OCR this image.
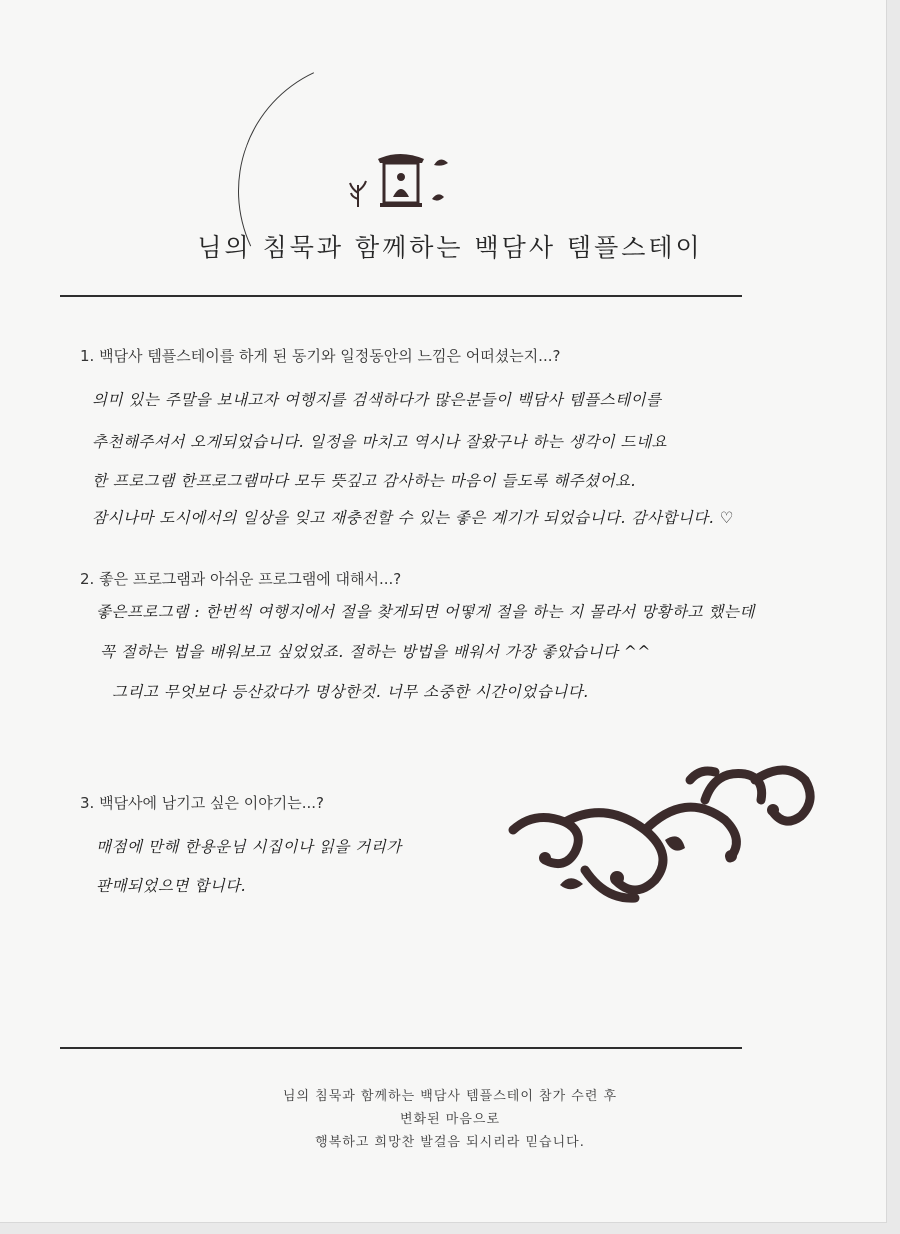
님의 침묵과 함께하는 백담사 템플스테이
1. 백담사 템플스테이를 하게 된 동기와 일정동안의 느낌은 어떠셨는지...?
의미 있는 주말을 보내고자 여행지를 검색하다가 많은분들이 백담사 템플스테이를
추천해주셔서 오게되었습니다. 일정을 마치고 역시나 잘왔구나 하는 생각이 드네요
한 프로그램 한프로그램마다 모두 뜻깊고 감사하는 마음이 들도록 해주셨어요.
잠시나마 도시에서의 일상을 잊고 재충전할 수 있는 좋은 계기가 되었습니다. 감사합니다. ♡
2. 좋은 프로그램과 아쉬운 프로그램에 대해서...?
좋은프로그램 : 한번씩 여행지에서 절을 찾게되면 어떻게 절을 하는 지 몰라서 망황하고 했는데
꼭 절하는 법을 배워보고 싶었었죠. 절하는 방법을 배워서 가장 좋았습니다 ^^
그리고 무엇보다 등산갔다가 명상한것. 너무 소중한 시간이었습니다.
3. 백담사에 남기고 싶은 이야기는...?
매점에 만해 한용운님 시집이나 읽을 거리가
판매되었으면 합니다.
님의 침묵과 함께하는 백담사 템플스테이 참가 수련 후
변화된 마음으로
행복하고 희망찬 발걸음 되시리라 믿습니다.
